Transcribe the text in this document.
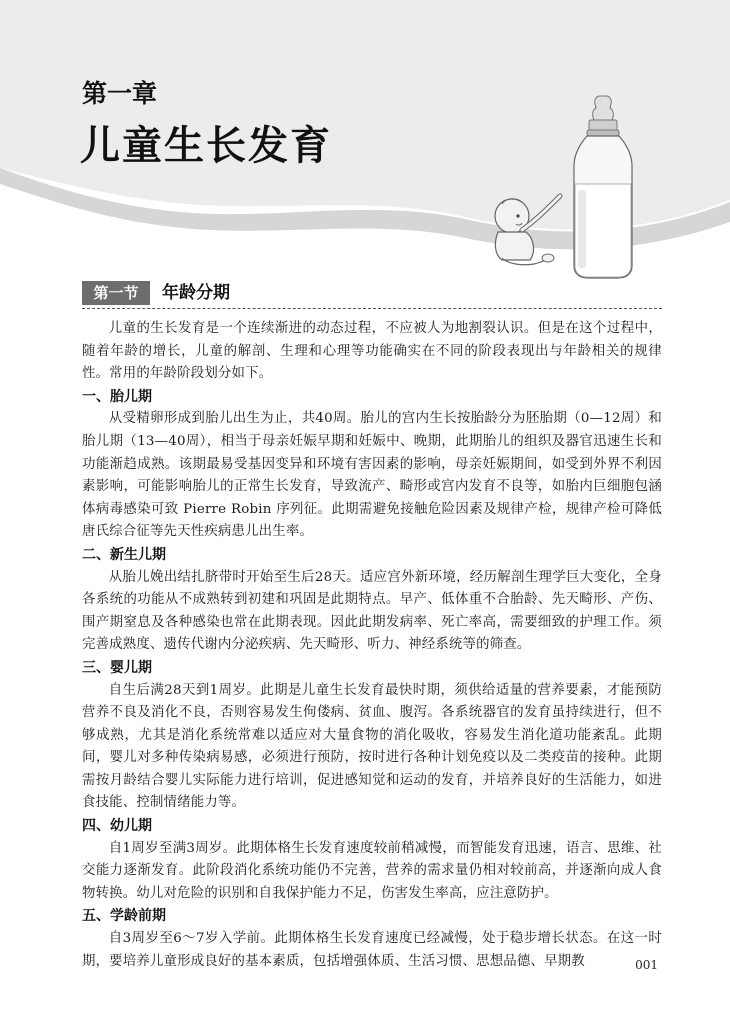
第一章
儿童生长发育
第一节	年龄分期

儿童的生长发育是一个连续渐进的动态过程，不应被人为地割裂认识。但是在这个过程中，随着年龄的增长，儿童的解剖、生理和心理等功能确实在不同的阶段表现出与年龄相关的规律性。常用的年龄阶段划分如下。

一、胎儿期

从受精卵形成到胎儿出生为止，共40周。胎儿的宫内生长按胎龄分为胚胎期（0—12周）和胎儿期（13—40周），相当于母亲妊娠早期和妊娠中、晚期，此期胎儿的组织及器官迅速生长和功能渐趋成熟。该期最易受基因变异和环境有害因素的影响，母亲妊娠期间，如受到外界不利因素影响，可能影响胎儿的正常生长发育，导致流产、畸形或宫内发育不良等，如胎内巨细胞包涵体病毒感染可致 Pierre Robin 序列征。此期需避免接触危险因素及规律产检，规律产检可降低唐氏综合征等先天性疾病患儿出生率。

二、新生儿期

从胎儿娩出结扎脐带时开始至生后28天。适应宫外新环境，经历解剖生理学巨大变化，全身各系统的功能从不成熟转到初建和巩固是此期特点。早产、低体重不合胎龄、先天畸形、产伤、围产期窒息及各种感染也常在此期表现。因此此期发病率、死亡率高，需要细致的护理工作。须完善成熟度、遗传代谢内分泌疾病、先天畸形、听力、神经系统等的筛查。

三、婴儿期

自生后满28天到1周岁。此期是儿童生长发育最快时期，须供给适量的营养要素，才能预防营养不良及消化不良，否则容易发生佝偻病、贫血、腹泻。各系统器官的发育虽持续进行，但不够成熟，尤其是消化系统常难以适应对大量食物的消化吸收，容易发生消化道功能紊乱。此期间，婴儿对多种传染病易感，必须进行预防，按时进行各种计划免疫以及二类疫苗的接种。此期需按月龄结合婴儿实际能力进行培训，促进感知觉和运动的发育，并培养良好的生活能力，如进食技能、控制情绪能力等。

四、幼儿期

自1周岁至满3周岁。此期体格生长发育速度较前稍减慢，而智能发育迅速，语言、思维、社交能力逐渐发育。此阶段消化系统功能仍不完善，营养的需求量仍相对较前高，并逐渐向成人食物转换。幼儿对危险的识别和自我保护能力不足，伤害发生率高，应注意防护。

五、学龄前期

自3周岁至6～7岁入学前。此期体格生长发育速度已经减慢，处于稳步增长状态。在这一时期，要培养儿童形成良好的基本素质，包括增强体质、生活习惯、思想品德、早期教	001
